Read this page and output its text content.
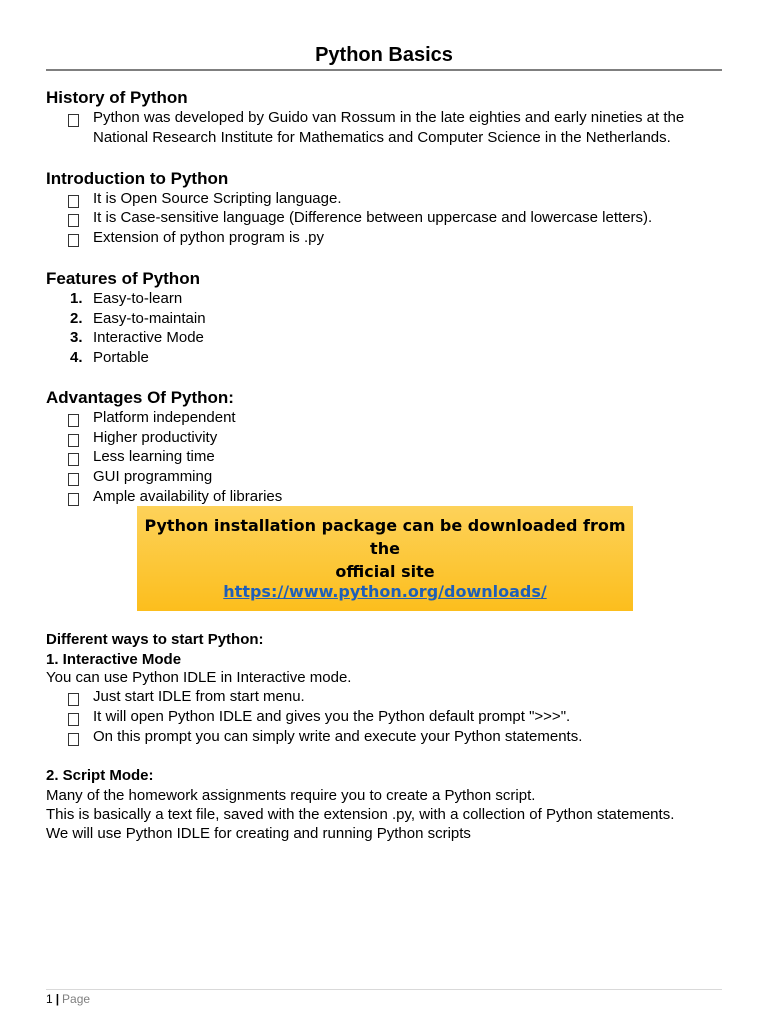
Python Basics
History of Python
Python was developed by Guido van Rossum in the late eighties and early nineties at the
National Research Institute for Mathematics and Computer Science in the Netherlands.
Introduction to Python
It is Open Source Scripting language.
It is Case-sensitive language (Difference between uppercase and lowercase letters).
Extension of python program is .py
Features of Python
1. Easy-to-learn
2. Easy-to-maintain
3. Interactive Mode
4. Portable
Advantages Of Python:
Platform independent
Higher productivity
Less learning time
GUI programming
Ample availability of libraries
Python installation package can be downloaded from the
official site
https://www.python.org/downloads/
Different ways to start Python:
1. Interactive Mode
You can use Python IDLE in Interactive mode.
Just start IDLE from start menu.
It will open Python IDLE and gives you the Python default prompt ">>>".
On this prompt you can simply write and execute your Python statements.
2. Script Mode:
Many of the homework assignments require you to create a Python script.
This is basically a text file, saved with the extension .py, with a collection of Python statements.
We will use Python IDLE for creating and running Python scripts
1 | Page
